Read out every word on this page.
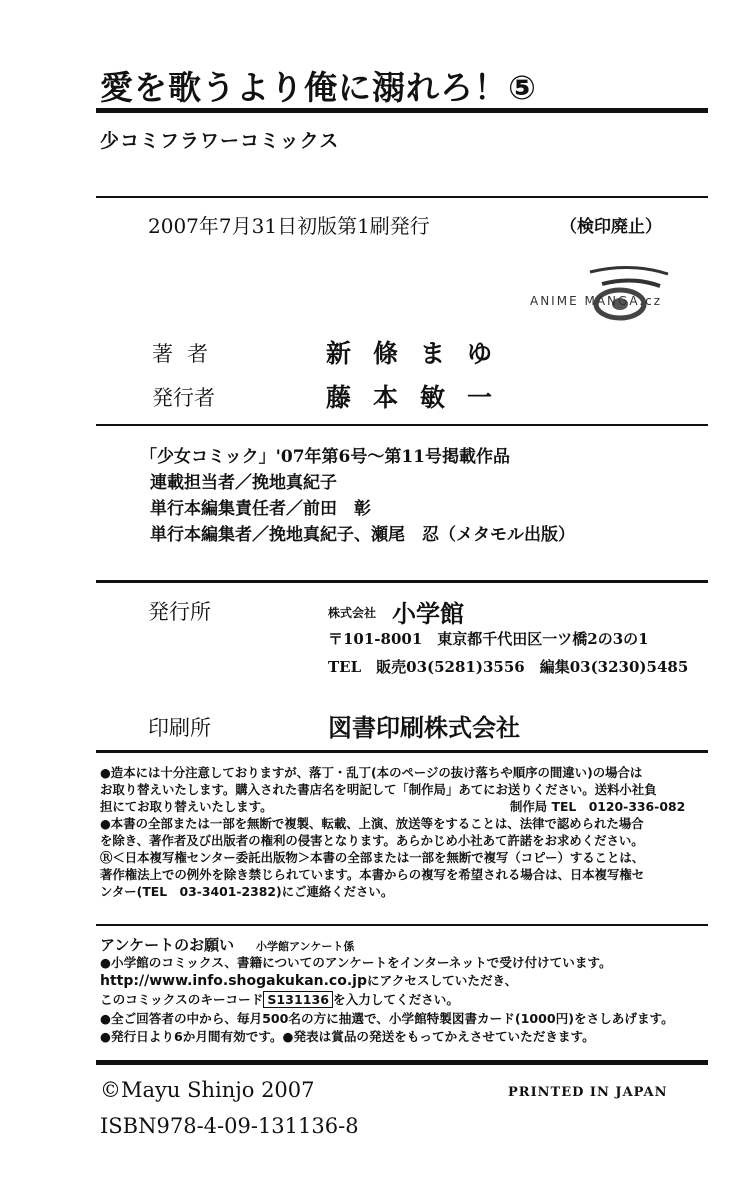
愛を歌うより俺に溺れろ！⑤
少コミフラワーコミックス
2007年7月31日初版第1刷発行	（検印廃止）
ANIME MANGA.cz
著者	新條まゆ
発行者	藤本敏一
「少女コミック」'07年第6号～第11号掲載作品
連載担当者／挽地真紀子
単行本編集責任者／前田　彰
単行本編集者／挽地真紀子、瀬尾　忍（メタモル出版）
発行所	株式会社 小学館
〒101-8001　東京都千代田区一ツ橋2の3の1
TEL　販売03(5281)3556　編集03(3230)5485
印刷所	図書印刷株式会社
●造本には十分注意しておりますが、落丁・乱丁(本のページの抜け落ちや順序の間違い)の場合は
お取り替えいたします。購入された書店名を明記して「制作局」あてにお送りください。送料小社負
担にてお取り替えいたします。	制作局 TEL　0120-336-082
●本書の全部または一部を無断で複製、転載、上演、放送等をすることは、法律で認められた場合
を除き、著作者及び出版者の権利の侵害となります。あらかじめ小社あて許諾をお求めください。
Ⓡ＜日本複写権センター委託出版物＞本書の全部または一部を無断で複写（コピー）することは、
著作権法上での例外を除き禁じられています。本書からの複写を希望される場合は、日本複写権セ
ンター(TEL　03-3401-2382)にご連絡ください。
アンケートのお願い 小学館アンケート係
●小学館のコミックス、書籍についてのアンケートをインターネットで受け付けています。
http://www.info.shogakukan.co.jpにアクセスしていただき、
このコミックスのキーコード S131136 を入力してください。
●全ご回答者の中から、毎月500名の方に抽選で、小学館特製図書カード(1000円)をさしあげます。
●発行日より6か月間有効です。●発表は賞品の発送をもってかえさせていただきます。
©Mayu Shinjo 2007	PRINTED IN JAPAN
ISBN978-4-09-131136-8
